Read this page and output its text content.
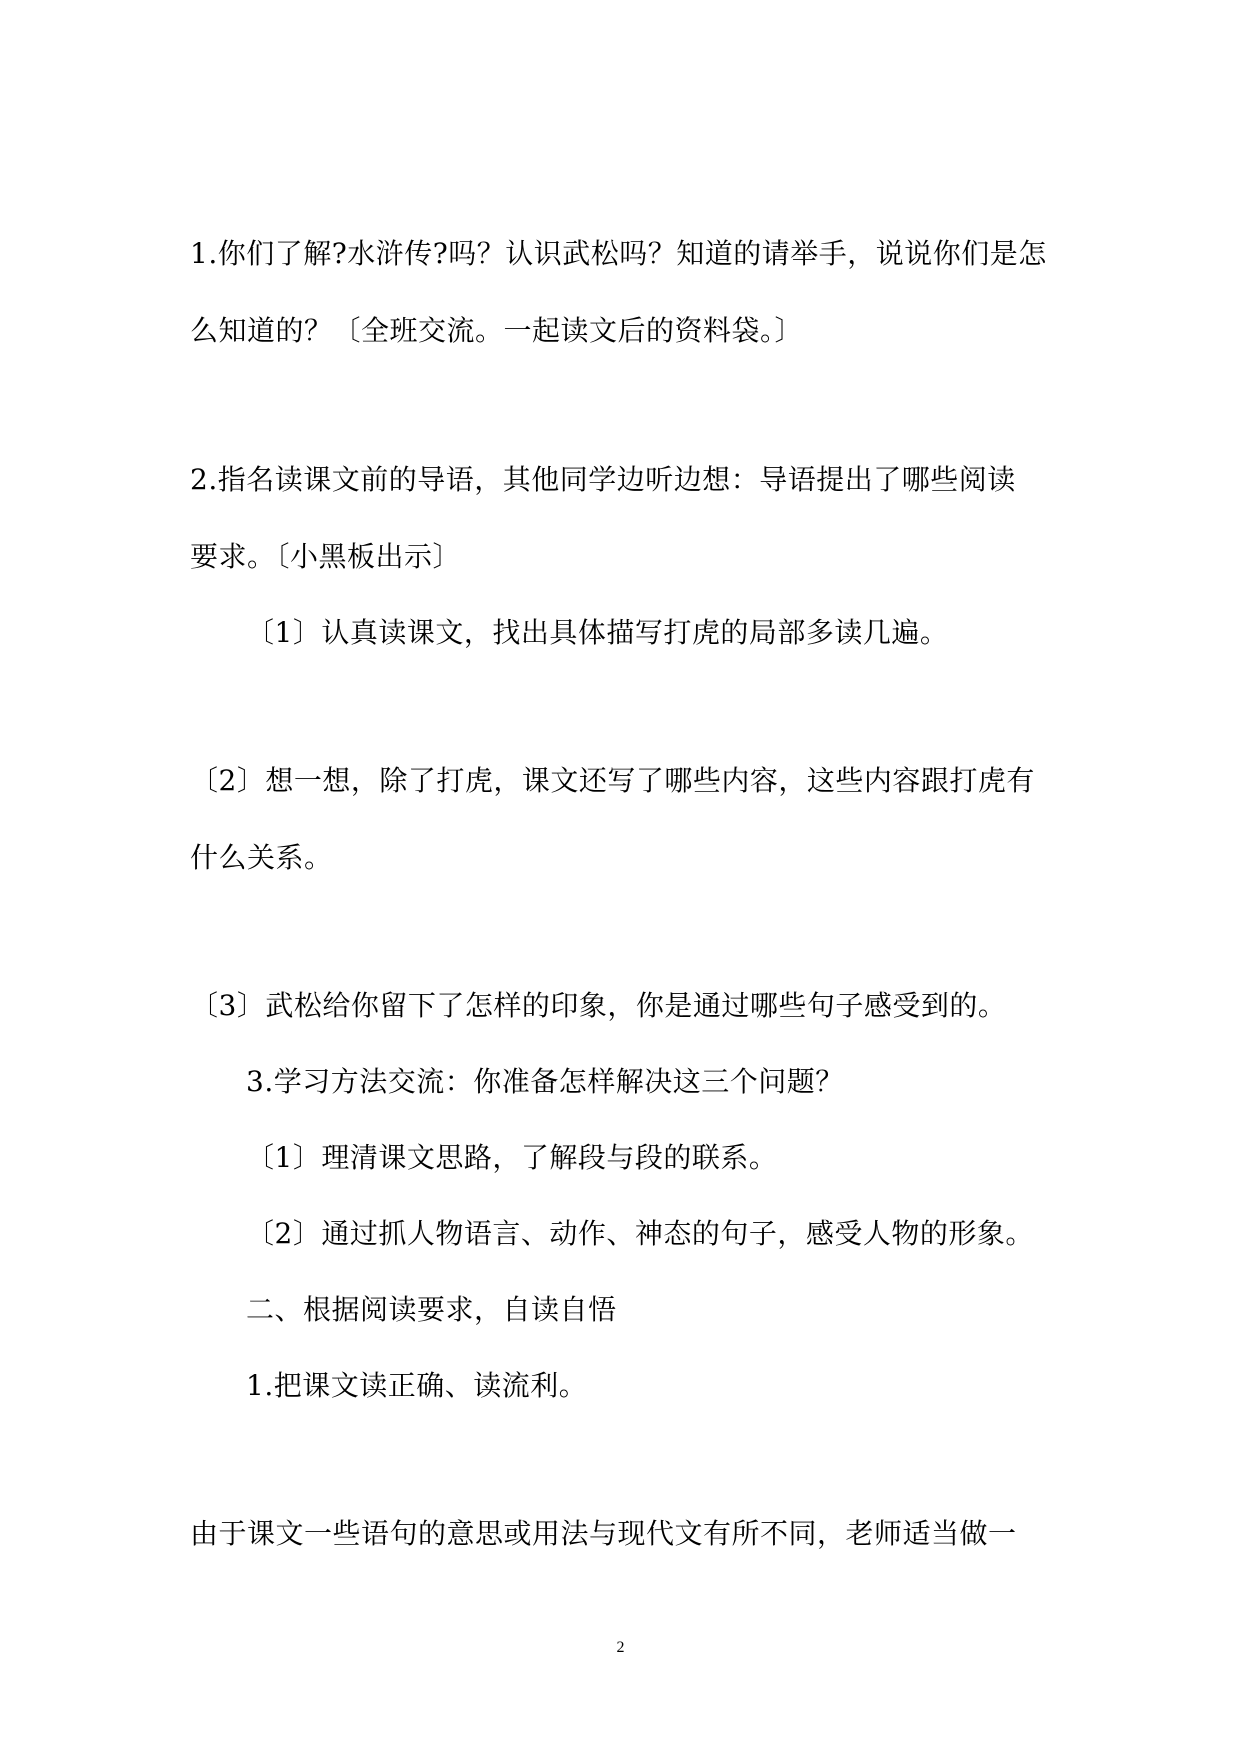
1.你们了解?水浒传?吗？认识武松吗？知道的请举手，说说你们是怎
么知道的？〔全班交流。一起读文后的资料袋。〕
2.指名读课文前的导语，其他同学边听边想：导语提出了哪些阅读
要求。〔小黑板出示〕
〔1〕认真读课文，找出具体描写打虎的局部多读几遍。
〔2〕想一想，除了打虎，课文还写了哪些内容，这些内容跟打虎有
什么关系。
〔3〕武松给你留下了怎样的印象，你是通过哪些句子感受到的。
3.学习方法交流：你准备怎样解决这三个问题？
〔1〕理清课文思路，了解段与段的联系。
〔2〕通过抓人物语言、动作、神态的句子，感受人物的形象。
二、根据阅读要求，自读自悟
1.把课文读正确、读流利。
由于课文一些语句的意思或用法与现代文有所不同，老师适当做一
2
